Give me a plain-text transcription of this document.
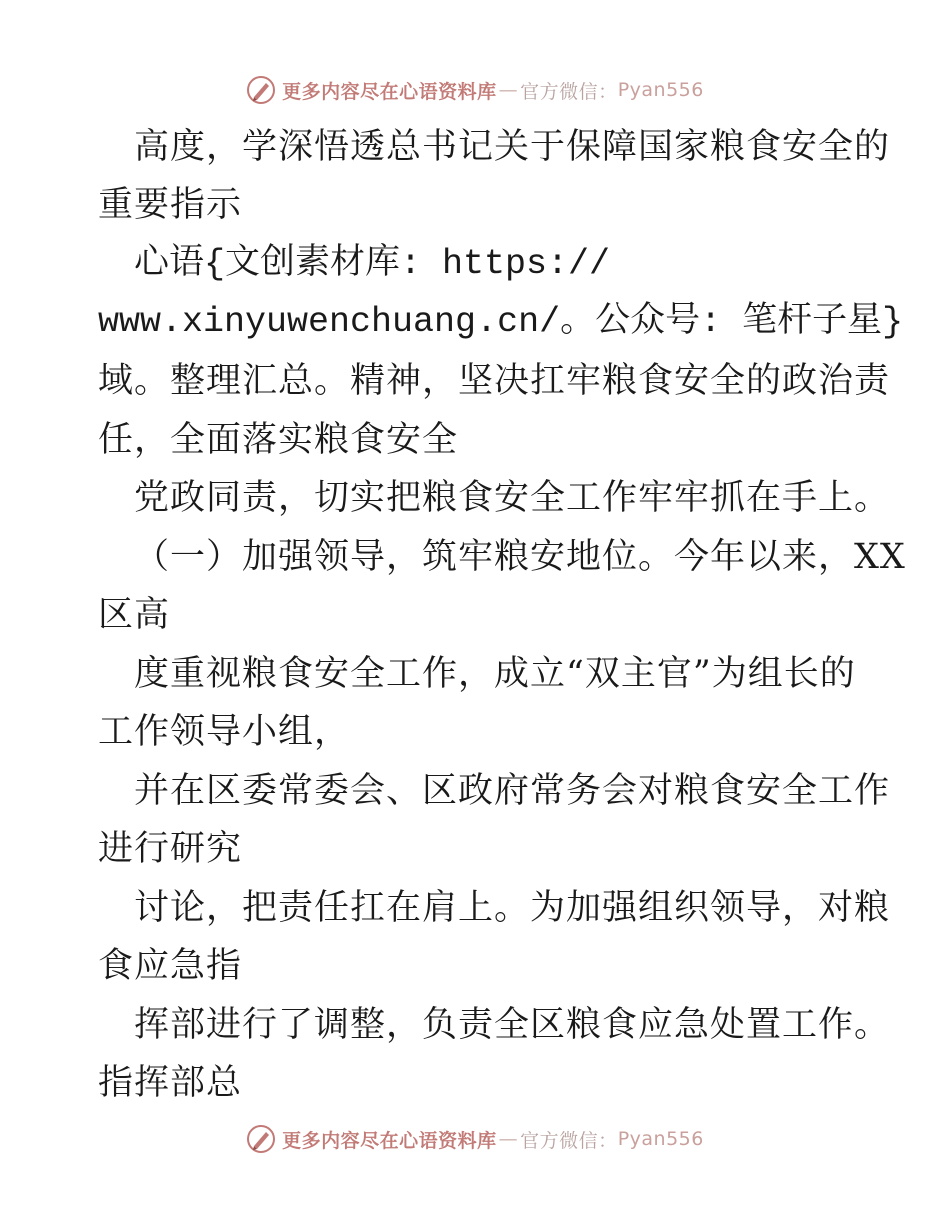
更多内容尽在心语资料库 — 官方微信： Pyan556
高度，学深悟透总书记关于保障国家粮食安全的
重要指示
心语{文创素材库: https://
www.xinyuwenchuang.cn/。公众号: 笔杆子星}
域。整理汇总。精神，坚决扛牢粮食安全的政治责
任，全面落实粮食安全
党政同责，切实把粮食安全工作牢牢抓在手上。
（一）加强领导，筑牢粮安地位。今年以来，XX
区高
度重视粮食安全工作，成立“双主官”为组长的
工作领导小组，
并在区委常委会、区政府常务会对粮食安全工作
进行研究
讨论，把责任扛在肩上。为加强组织领导，对粮
食应急指
挥部进行了调整，负责全区粮食应急处置工作。
指挥部总
更多内容尽在心语资料库 — 官方微信： Pyan556
